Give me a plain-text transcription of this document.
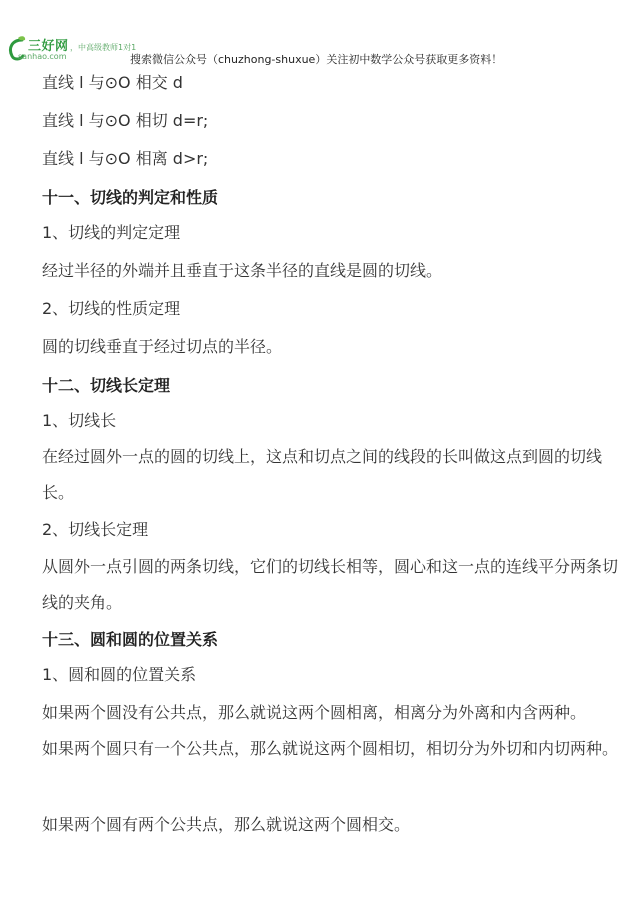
三好网 ，中高级教师1对1
sanhao.com	搜索微信公众号（chuzhong-shuxue）关注初中数学公众号获取更多资料！
直线 l 与⊙O 相交 d
直线 l 与⊙O 相切 d=r;
直线 l 与⊙O 相离 d>r;
十一、切线的判定和性质
1、切线的判定定理
经过半径的外端并且垂直于这条半径的直线是圆的切线。
2、切线的性质定理
圆的切线垂直于经过切点的半径。
十二、切线长定理
1、切线长
在经过圆外一点的圆的切线上，这点和切点之间的线段的长叫做这点到圆的切线长。
2、切线长定理
从圆外一点引圆的两条切线，它们的切线长相等，圆心和这一点的连线平分两条切线的夹角。
十三、圆和圆的位置关系
1、圆和圆的位置关系
如果两个圆没有公共点，那么就说这两个圆相离，相离分为外离和内含两种。
如果两个圆只有一个公共点，那么就说这两个圆相切，相切分为外切和内切两种。
如果两个圆有两个公共点，那么就说这两个圆相交。
